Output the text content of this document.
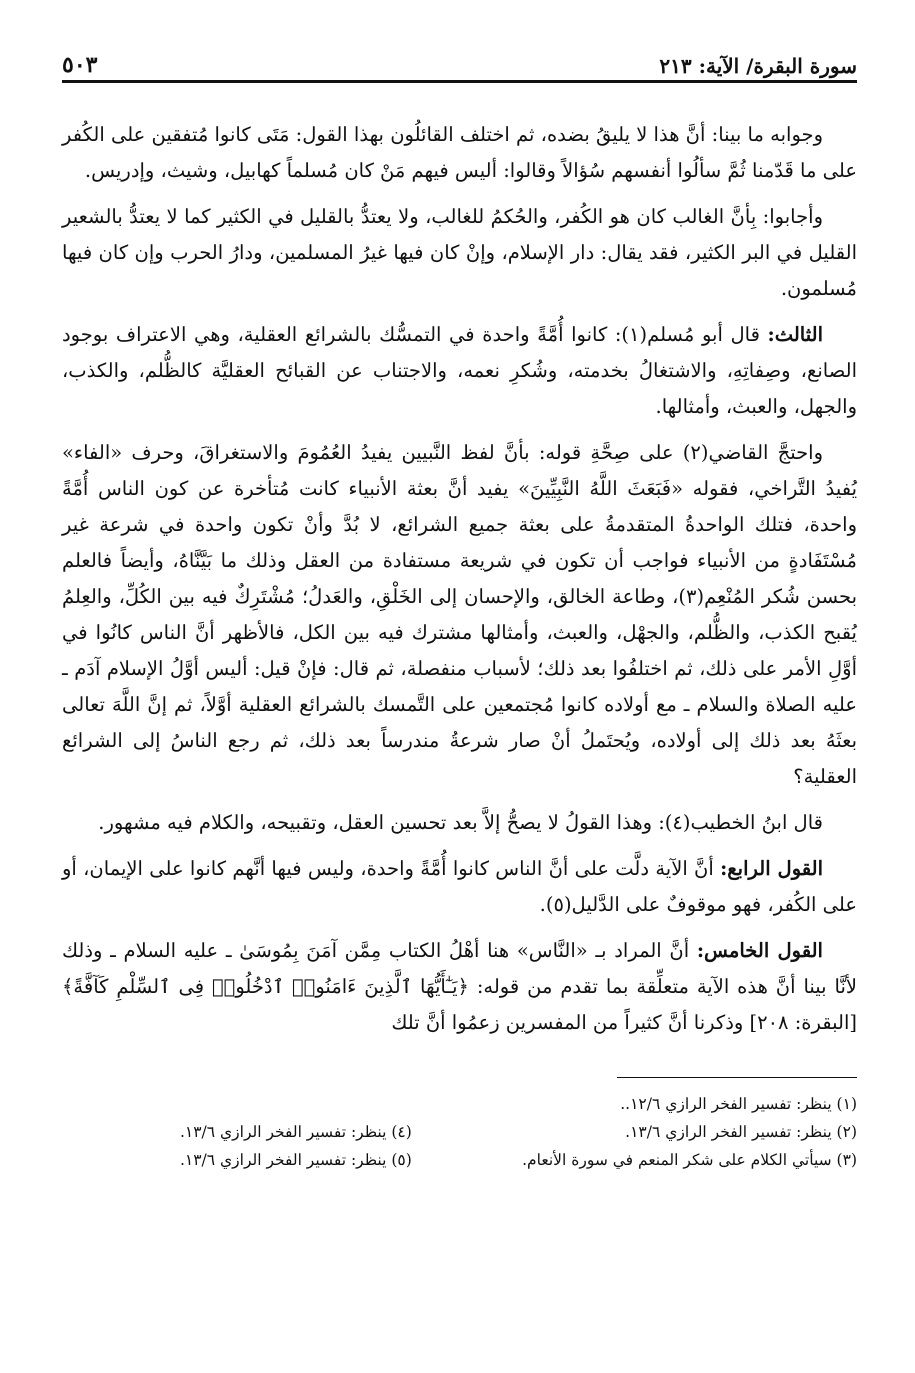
سورة البقرة/ الآية: ٢١٣
٥٠٣

وجوابه ما بينا: أنَّ هذا لا يليقُ بضده، ثم اختلف القائلُون بهذا القول: مَتَى كانوا مُتفقين على الكُفر على ما قَدّمنا ثُمَّ سألُوا أنفسهم سُؤالاً وقالوا: أليس فيهم مَنْ كان مُسلماً كهابيل، وشيث، وإدريس.

وأجابوا: بِأنَّ الغالب كان هو الكُفر، والحُكمُ للغالب، ولا يعتدُّ بالقليل في الكثير كما لا يعتدُّ بالشعير القليل في البر الكثير، فقد يقال: دار الإسلام، وإنْ كان فيها غيرُ المسلمين، ودارُ الحرب وإن كان فيها مُسلمون.

الثالث: قال أبو مُسلم(١): كانوا أُمَّةً واحدة في التمسُّك بالشرائع العقلية، وهي الاعتراف بوجود الصانع، وصِفاتِهِ، والاشتغالُ بخدمته، وشُكرِ نعمه، والاجتناب عن القبائح العقليَّة كالظُّلم، والكذب، والجهل، والعبث، وأمثالها.

واحتجَّ القاضي(٢) على صِحَّةِ قوله: بأنَّ لفظ النَّبيين يفيدُ العُمُومَ والاستغراقَ، وحرف «الفاء» يُفيدُ التَّراخي، فقوله «فَبَعَثَ اللَّهُ النَّبِيِّينَ» يفيد أنَّ بعثة الأنبياء كانت مُتأخرة عن كون الناس أُمَّةً واحدة، فتلك الواحدةُ المتقدمةُ على بعثة جميع الشرائع، لا بُدَّ وأنْ تكون واحدة في شرعة غير مُسْتَفَادةٍ من الأنبياء فواجب أن تكون في شريعة مستفادة من العقل وذلك ما بَيَّنَّاهُ، وأيضاً فالعلم بحسن شُكر المُنْعِم(٣)، وطاعة الخالق، والإحسان إلى الخَلْقِ، والعَدلُ؛ مُشْتَرِكٌ فيه بين الكُلِّ، والعِلمُ يُقبح الكذب، والظُّلم، والجهْل، والعبث، وأمثالها مشترك فيه بين الكل، فالأظهر أنَّ الناس كانُوا في أوَّلِ الأمر على ذلك، ثم اختلفُوا بعد ذلك؛ لأسباب منفصلة، ثم قال: فإنْ قيل: أليس أوَّلُ الإسلام آدَم ـ عليه الصلاة والسلام ـ مع أولاده كانوا مُجتمعين على التَّمسك بالشرائع العقلية أوَّلاً، ثم إنَّ اللَّهَ تعالى بعثَهُ بعد ذلك إلى أولاده، ويُحتَملُ أنْ صار شرعةُ مندرساً بعد ذلك، ثم رجع الناسُ إلى الشرائع العقلية؟

قال ابنُ الخطيب(٤): وهذا القولُ لا يصحُّ إلاَّ بعد تحسين العقل، وتقبيحه، والكلام فيه مشهور.

القول الرابع: أنَّ الآية دلَّت على أنَّ الناس كانوا أُمَّةً واحدة، وليس فيها أنَّهم كانوا على الإيمان، أو على الكُفر، فهو موقوفٌ على الدَّليل(٥).

القول الخامس: أنَّ المراد بـ «النَّاس» هنا أهْلُ الكتاب مِمَّن آمَنَ بِمُوسَىٰ ـ عليه السلام ـ وذلك لأنَّا بينا أنَّ هذه الآية متعلِّقة بما تقدم من قوله: ﴿يَـٰٓأَيُّهَا ٱلَّذِينَ ءَامَنُوا۟ ٱدْخُلُوا۟ فِى ٱلسِّلْمِ كَآفَّةً﴾ [البقرة: ٢٠٨] وذكرنا أنَّ كثيراً من المفسرين زعمُوا أنَّ تلك

(١) ينظر: تفسير الفخر الرازي ١٢/٦..
(٢) ينظر: تفسير الفخر الرازي ١٣/٦.
(٤) ينظر: تفسير الفخر الرازي ١٣/٦.
(٣) سيأتي الكلام على شكر المنعم في سورة الأنعام.
(٥) ينظر: تفسير الفخر الرازي ١٣/٦.
